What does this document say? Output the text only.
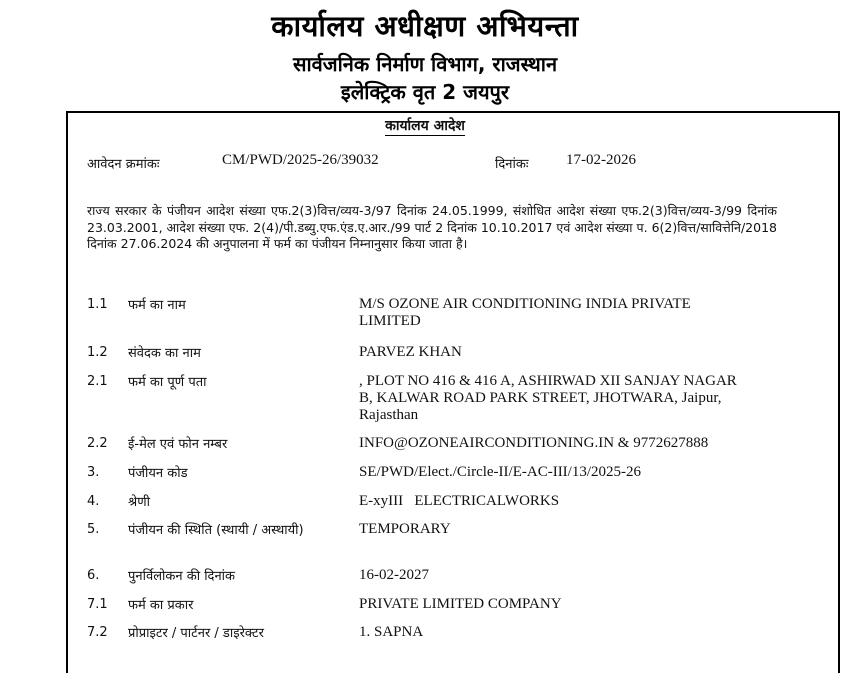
कार्यालय अधीक्षण अभियन्ता
सार्वजनिक निर्माण विभाग, राजस्थान
इलेक्ट्रिक वृत 2 जयपुर
कार्यालय आदेश
आवेदन क्रमांकः	CM/PWD/2025-26/39032	दिनांकः	17-02-2026
राज्य सरकार के पंजीयन आदेश संख्या एफ.2(3)वित्त/व्यय-3/97 दिनांक 24.05.1999, संशोधित आदेश संख्या एफ.2(3)वित्त/व्यय-3/99 दिनांक 23.03.2001, आदेश संख्या एफ. 2(4)/पी.डब्यु.एफ.एंड.ए.आर./99 पार्ट 2 दिनांक 10.10.2017 एवं आदेश संख्या प. 6(2)वित्त/सावित्तेनि/2018 दिनांक 27.06.2024 की अनुपालना में फर्म का पंजीयन निम्नानुसार किया जाता है।
1.1 फर्म का नाम	M/S OZONE AIR CONDITIONING INDIA PRIVATE LIMITED
1.2 संवेदक का नाम	PARVEZ KHAN
2.1 फर्म का पूर्ण पता	, PLOT NO 416 & 416 A, ASHIRWAD XII SANJAY NAGAR B, KALWAR ROAD PARK STREET, JHOTWARA, Jaipur, Rajasthan
2.2 ई-मेल एवं फोन नम्बर	INFO@OZONEAIRCONDITIONING.IN & 9772627888
3. पंजीयन कोड	SE/PWD/Elect./Circle-II/E-AC-III/13/2025-26
4. श्रेणी	E-xyIII   ELECTRICALWORKS
5. पंजीयन की स्थिति (स्थायी / अस्थायी)	TEMPORARY
6. पुनर्विलोकन की दिनांक	16-02-2027
7.1 फर्म का प्रकार	PRIVATE LIMITED COMPANY
7.2 प्रोप्राइटर / पार्टनर / डाइरेक्टर	1. SAPNA
